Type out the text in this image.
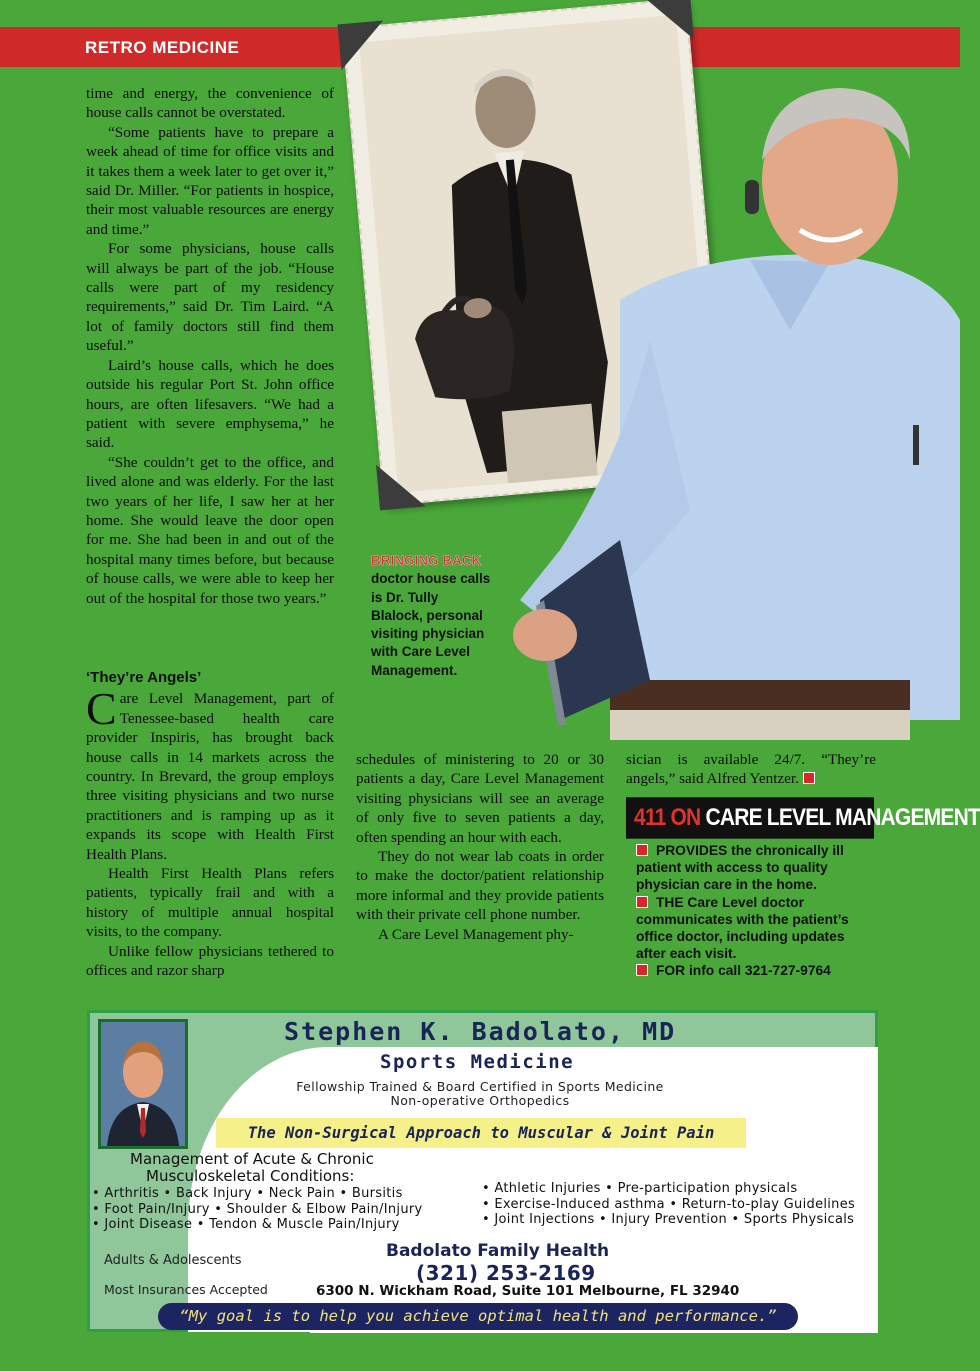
RETRO MEDICINE

time and energy, the convenience of house calls cannot be overstated.

“Some patients have to prepare a week ahead of time for office visits and it takes them a week later to get over it,” said Dr. Miller. “For patients in hospice, their most valuable resources are energy and time.”

For some physicians, house calls will always be part of the job. “House calls were part of my residency requirements,” said Dr. Tim Laird. “A lot of family doctors still find them useful.”

Laird’s house calls, which he does outside his regular Port St. John office hours, are often lifesavers. “We had a patient with severe emphysema,” he said.

“She couldn’t get to the office, and lived alone and was elderly. For the last two years of her life, I saw her at her home. She would leave the door open for me. She had been in and out of the hospital many times before, but because of house calls, we were able to keep her out of the hospital for those two years.”

‘They’re Angels’

Care Level Management, part of Tenessee-based health care provider Inspiris, has brought back house calls in 14 markets across the country. In Brevard, the group employs three visiting physicians and two nurse practitioners and is ramping up as it expands its scope with Health First Health Plans.

Health First Health Plans refers patients, typically frail and with a history of multiple annual hospital visits, to the company.

Unlike fellow physicians tethered to offices and razor sharp

BRINGING BACK
doctor house calls is Dr. Tully Blalock, personal visiting physician with Care Level Management.

schedules of ministering to 20 or 30 patients a day, Care Level Management visiting physicians will see an average of only five to seven patients a day, often spending an hour with each.

They do not wear lab coats in order to make the doctor/patient relationship more informal and they provide patients with their private cell phone number.

A Care Level Management phy-

sician is available 24/7. “They’re angels,” said Alfred Yentzer.

411 ON CARE LEVEL MANAGEMENT
PROVIDES the chronically ill patient with access to quality physician care in the home.
THE Care Level doctor communicates with the patient’s office doctor, including updates after each visit.
FOR info call 321-727-9764
Stephen K. Badolato, MD
Sports Medicine
Fellowship Trained & Board Certified in Sports Medicine
Non-operative Orthopedics
The Non-Surgical Approach to Muscular & Joint Pain
Management of Acute & Chronic
Musculoskeletal Conditions:
• Arthritis • Back Injury • Neck Pain • Bursitis
• Foot Pain/Injury • Shoulder & Elbow Pain/Injury
• Joint Disease • Tendon & Muscle Pain/Injury
• Athletic Injuries • Pre-participation physicals
• Exercise-Induced asthma • Return-to-play Guidelines
• Joint Injections • Injury Prevention • Sports Physicals
Adults & Adolescents
Most Insurances Accepted
Badolato Family Health
(321) 253-2169
6300 N. Wickham Road, Suite 101 Melbourne, FL 32940
“My goal is to help you achieve optimal health and performance.”
